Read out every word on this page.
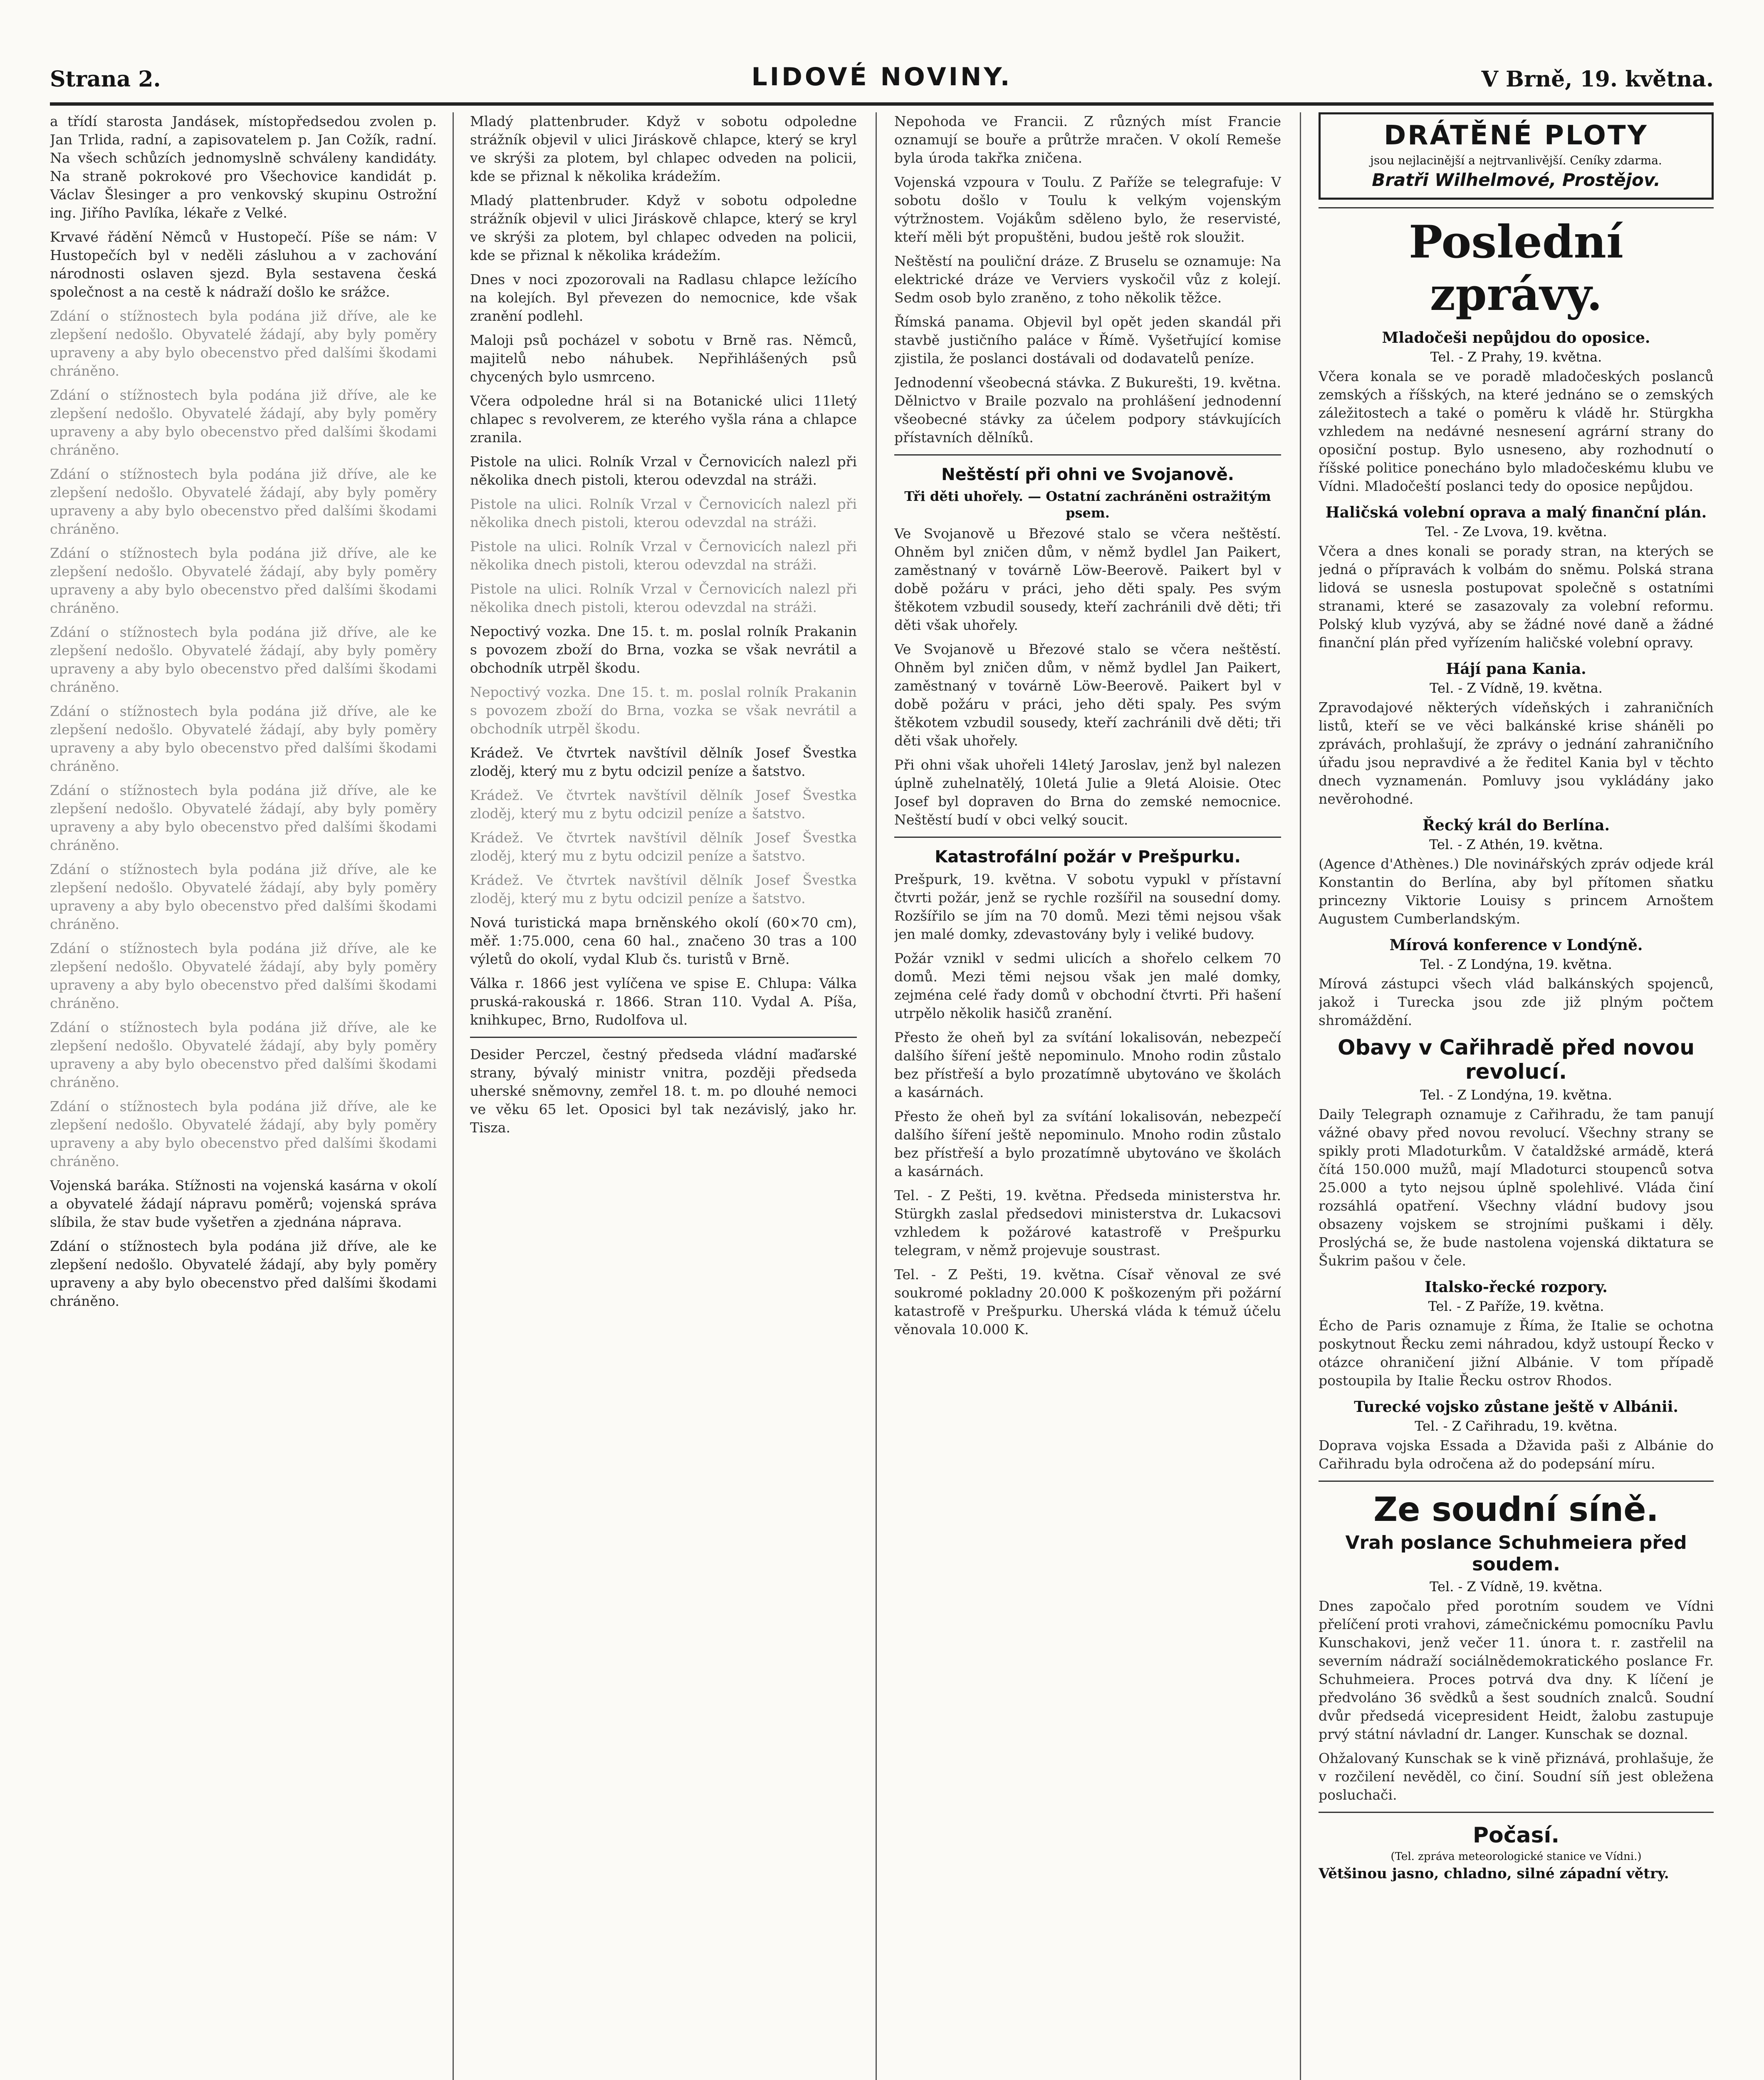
Strana 2.	LIDOVÉ NOVINY.	V Brně, 19. května.

a třídí starosta Jandásek, místopředsedou zvolen p. Jan Trlida, radní, a zapisovatelem p. Jan Cožík, radní. Na všech schůzích jednomyslně schváleny kandidáty. Na straně pokrokové pro Všechovice kandidát p. Václav Šlesinger a pro venkovský skupinu Ostrožní ing. Jiřího Pavlíka, lékaře z Velké.

Krvavé řádění Němců v Hustopečí. Píše se nám: V Hustopečích byl v neděli zásluhou a v zachování národnosti oslaven sjezd. Byla sestavena česká společnost a na cestě k nádraží došlo ke srážce.

Zdání o stížnostech byla podána již dříve, ale ke zlepšení nedošlo. Obyvatelé žádají, aby byly poměry upraveny a aby bylo obecenstvo před dalšími škodami chráněno.

Zdání o stížnostech byla podána již dříve, ale ke zlepšení nedošlo. Obyvatelé žádají, aby byly poměry upraveny a aby bylo obecenstvo před dalšími škodami chráněno.

Zdání o stížnostech byla podána již dříve, ale ke zlepšení nedošlo. Obyvatelé žádají, aby byly poměry upraveny a aby bylo obecenstvo před dalšími škodami chráněno.

Zdání o stížnostech byla podána již dříve, ale ke zlepšení nedošlo. Obyvatelé žádají, aby byly poměry upraveny a aby bylo obecenstvo před dalšími škodami chráněno.

Zdání o stížnostech byla podána již dříve, ale ke zlepšení nedošlo. Obyvatelé žádají, aby byly poměry upraveny a aby bylo obecenstvo před dalšími škodami chráněno.

Zdání o stížnostech byla podána již dříve, ale ke zlepšení nedošlo. Obyvatelé žádají, aby byly poměry upraveny a aby bylo obecenstvo před dalšími škodami chráněno.

Zdání o stížnostech byla podána již dříve, ale ke zlepšení nedošlo. Obyvatelé žádají, aby byly poměry upraveny a aby bylo obecenstvo před dalšími škodami chráněno.

Zdání o stížnostech byla podána již dříve, ale ke zlepšení nedošlo. Obyvatelé žádají, aby byly poměry upraveny a aby bylo obecenstvo před dalšími škodami chráněno.

Zdání o stížnostech byla podána již dříve, ale ke zlepšení nedošlo. Obyvatelé žádají, aby byly poměry upraveny a aby bylo obecenstvo před dalšími škodami chráněno.

Zdání o stížnostech byla podána již dříve, ale ke zlepšení nedošlo. Obyvatelé žádají, aby byly poměry upraveny a aby bylo obecenstvo před dalšími škodami chráněno.

Zdání o stížnostech byla podána již dříve, ale ke zlepšení nedošlo. Obyvatelé žádají, aby byly poměry upraveny a aby bylo obecenstvo před dalšími škodami chráněno.

Vojenská baráka. Stížnosti na vojenská kasárna v okolí a obyvatelé žádají nápravu poměrů; vojenská správa slíbila, že stav bude vyšetřen a zjednána náprava.

Zdání o stížnostech byla podána již dříve, ale ke zlepšení nedošlo. Obyvatelé žádají, aby byly poměry upraveny a aby bylo obecenstvo před dalšími škodami chráněno.

Mladý plattenbruder. Když v sobotu odpoledne strážník objevil v ulici Jiráskově chlapce, který se kryl ve skrýši za plotem, byl chlapec odveden na policii, kde se přiznal k několika krádežím.

Mladý plattenbruder. Když v sobotu odpoledne strážník objevil v ulici Jiráskově chlapce, který se kryl ve skrýši za plotem, byl chlapec odveden na policii, kde se přiznal k několika krádežím.

Dnes v noci zpozorovali na Radlasu chlapce ležícího na kolejích. Byl převezen do nemocnice, kde však zranění podlehl.

Maloji psů pocházel v sobotu v Brně ras. Němců, majitelů nebo náhubek. Nepřihlášených psů chycených bylo usmrceno.

Včera odpoledne hrál si na Botanické ulici 11letý chlapec s revolverem, ze kterého vyšla rána a chlapce zranila.

Pistole na ulici. Rolník Vrzal v Černovicích nalezl při několika dnech pistoli, kterou odevzdal na stráži.

Pistole na ulici. Rolník Vrzal v Černovicích nalezl při několika dnech pistoli, kterou odevzdal na stráži.

Pistole na ulici. Rolník Vrzal v Černovicích nalezl při několika dnech pistoli, kterou odevzdal na stráži.

Pistole na ulici. Rolník Vrzal v Černovicích nalezl při několika dnech pistoli, kterou odevzdal na stráži.

Nepoctivý vozka. Dne 15. t. m. poslal rolník Prakanin s povozem zboží do Brna, vozka se však nevrátil a obchodník utrpěl škodu.

Nepoctivý vozka. Dne 15. t. m. poslal rolník Prakanin s povozem zboží do Brna, vozka se však nevrátil a obchodník utrpěl škodu.

Krádež. Ve čtvrtek navštívil dělník Josef Švestka zloděj, který mu z bytu odcizil peníze a šatstvo.

Krádež. Ve čtvrtek navštívil dělník Josef Švestka zloděj, který mu z bytu odcizil peníze a šatstvo.

Krádež. Ve čtvrtek navštívil dělník Josef Švestka zloděj, který mu z bytu odcizil peníze a šatstvo.

Krádež. Ve čtvrtek navštívil dělník Josef Švestka zloděj, který mu z bytu odcizil peníze a šatstvo.

Nová turistická mapa brněnského okolí (60×70 cm), měř. 1:75.000, cena 60 hal., značeno 30 tras a 100 výletů do okolí, vydal Klub čs. turistů v Brně.

Válka r. 1866 jest vylíčena ve spise E. Chlupa: Válka pruská-rakouská r. 1866. Stran 110. Vydal A. Píša, knihkupec, Brno, Rudolfova ul.

Desider Perczel, čestný předseda vládní maďarské strany, bývalý ministr vnitra, později předseda uherské sněmovny, zemřel 18. t. m. po dlouhé nemoci ve věku 65 let. Oposici byl tak nezávislý, jako hr. Tisza.

Nepohoda ve Francii. Z různých míst Francie oznamují se bouře a průtrže mračen. V okolí Remeše byla úroda takřka zničena.

Vojenská vzpoura v Toulu. Z Paříže se telegrafuje: V sobotu došlo v Toulu k velkým vojenským výtržnostem. Vojákům sděleno bylo, že reservisté, kteří měli být propuštěni, budou ještě rok sloužit.

Neštěstí na pouliční dráze. Z Bruselu se oznamuje: Na elektrické dráze ve Verviers vyskočil vůz z kolejí. Sedm osob bylo zraněno, z toho několik těžce.

Římská panama. Objevil byl opět jeden skandál při stavbě justičního paláce v Římě. Vyšetřující komise zjistila, že poslanci dostávali od dodavatelů peníze.

Jednodenní všeobecná stávka. Z Bukurešti, 19. května. Dělnictvo v Braile pozvalo na prohlášení jednodenní všeobecné stávky za účelem podpory stávkujících přístavních dělníků.

Neštěstí při ohni ve Svojanově.
Tři děti uhořely. — Ostatní zachráněni ostražitým psem.

Ve Svojanově u Březové stalo se včera neštěstí. Ohněm byl zničen dům, v němž bydlel Jan Paikert, zaměstnaný v továrně Löw-Beerově. Paikert byl v době požáru v práci, jeho děti spaly. Pes svým štěkotem vzbudil sousedy, kteří zachránili dvě děti; tři děti však uhořely.

Ve Svojanově u Březové stalo se včera neštěstí. Ohněm byl zničen dům, v němž bydlel Jan Paikert, zaměstnaný v továrně Löw-Beerově. Paikert byl v době požáru v práci, jeho děti spaly. Pes svým štěkotem vzbudil sousedy, kteří zachránili dvě děti; tři děti však uhořely.

Při ohni však uhořeli 14letý Jaroslav, jenž byl nalezen úplně zuhelnatělý, 10letá Julie a 9letá Aloisie. Otec Josef byl dopraven do Brna do zemské nemocnice. Neštěstí budí v obci velký soucit.

Katastrofální požár v Prešpurku.

Prešpurk, 19. května. V sobotu vypukl v přístavní čtvrti požár, jenž se rychle rozšířil na sousední domy. Rozšířilo se jím na 70 domů. Mezi těmi nejsou však jen malé domky, zdevastovány byly i veliké budovy.

Požár vznikl v sedmi ulicích a shořelo celkem 70 domů. Mezi těmi nejsou však jen malé domky, zejména celé řady domů v obchodní čtvrti. Při hašení utrpělo několik hasičů zranění.

Přesto že oheň byl za svítání lokalisován, nebezpečí dalšího šíření ještě nepominulo. Mnoho rodin zůstalo bez přístřeší a bylo prozatímně ubytováno ve školách a kasárnách.

Přesto že oheň byl za svítání lokalisován, nebezpečí dalšího šíření ještě nepominulo. Mnoho rodin zůstalo bez přístřeší a bylo prozatímně ubytováno ve školách a kasárnách.

Tel. - Z Pešti, 19. května. Předseda ministerstva hr. Stürgkh zaslal předsedovi ministerstva dr. Lukacsovi vzhledem k požárové katastrofě v Prešpurku telegram, v němž projevuje soustrast.

Tel. - Z Pešti, 19. května. Císař věnoval ze své soukromé pokladny 20.000 K poškozeným při požární katastrofě v Prešpurku. Uherská vláda k témuž účelu věnovala 10.000 K.

DRÁTĚNÉ PLOTY
jsou nejlacinější a nejtrvanlivější. Ceníky zdarma.
Bratři Wilhelmové, Prostějov.
Poslední zprávy.
Mladočeši nepůjdou do oposice.
Tel. - Z Prahy, 19. května.

Včera konala se ve poradě mladočeských poslanců zemských a říšských, na které jednáno se o zemských záležitostech a také o poměru k vládě hr. Stürgkha vzhledem na nedávné nesnesení agrární strany do oposiční postup. Bylo usneseno, aby rozhodnutí o říšské politice ponecháno bylo mladočeskému klubu ve Vídni. Mladočeští poslanci tedy do oposice nepůjdou.

Haličská volební oprava a malý finanční plán.
Tel. - Ze Lvova, 19. května.

Včera a dnes konali se porady stran, na kterých se jedná o přípravách k volbám do sněmu. Polská strana lidová se usnesla postupovat společně s ostatními stranami, které se zasazovaly za volební reformu. Polský klub vyzývá, aby se žádné nové daně a žádné finanční plán před vyřízením haličské volební opravy.

Hájí pana Kania.
Tel. - Z Vídně, 19. května.

Zpravodajové některých vídeňských i zahraničních listů, kteří se ve věci balkánské krise sháněli po zprávách, prohlašují, že zprávy o jednání zahraničního úřadu jsou nepravdivé a že ředitel Kania byl v těchto dnech vyznamenán. Pomluvy jsou vykládány jako nevěrohodné.

Řecký král do Berlína.
Tel. - Z Athén, 19. května.

(Agence d'Athènes.) Dle novinářských zpráv odjede král Konstantin do Berlína, aby byl přítomen sňatku princezny Viktorie Louisy s princem Arnoštem Augustem Cumberlandským.

Mírová konference v Londýně.
Tel. - Z Londýna, 19. května.

Mírová zástupci všech vlád balkánských spojenců, jakož i Turecka jsou zde již plným počtem shromáždění.

Obavy v Cařihradě před novou revolucí.
Tel. - Z Londýna, 19. května.

Daily Telegraph oznamuje z Cařihradu, že tam panují vážné obavy před novou revolucí. Všechny strany se spikly proti Mladoturkům. V čataldžské armádě, která čítá 150.000 mužů, mají Mladoturci stoupenců sotva 25.000 a tyto nejsou úplně spolehlivé. Vláda činí rozsáhlá opatření. Všechny vládní budovy jsou obsazeny vojskem se strojními puškami i děly. Proslýchá se, že bude nastolena vojenská diktatura se Šukrim pašou v čele.

Italsko-řecké rozpory.
Tel. - Z Paříže, 19. května.

Écho de Paris oznamuje z Říma, že Italie se ochotna poskytnout Řecku zemi náhradou, když ustoupí Řecko v otázce ohraničení jižní Albánie. V tom případě postoupila by Italie Řecku ostrov Rhodos.

Turecké vojsko zůstane ještě v Albánii.
Tel. - Z Cařihradu, 19. května.

Doprava vojska Essada a Džavida paši z Albánie do Cařihradu byla odročena až do podepsání míru.

Ze soudní síně.
Vrah poslance Schuhmeiera před soudem.
Tel. - Z Vídně, 19. května.

Dnes započalo před porotním soudem ve Vídni přelíčení proti vrahovi, zámečnickému pomocníku Pavlu Kunschakovi, jenž večer 11. února t. r. zastřelil na severním nádraží sociálnědemokratického poslance Fr. Schuhmeiera. Proces potrvá dva dny. K líčení je předvoláno 36 svědků a šest soudních znalců. Soudní dvůr předsedá vicepresident Heidt, žalobu zastupuje prvý státní návladní dr. Langer. Kunschak se doznal.

Ohžalovaný Kunschak se k vině přiznává, prohlašuje, že v rozčilení nevěděl, co činí. Soudní síň jest obležena posluchači.

Počasí.
(Tel. zpráva meteorologické stanice ve Vídni.)

Většinou jasno, chladno, silné západní větry.
